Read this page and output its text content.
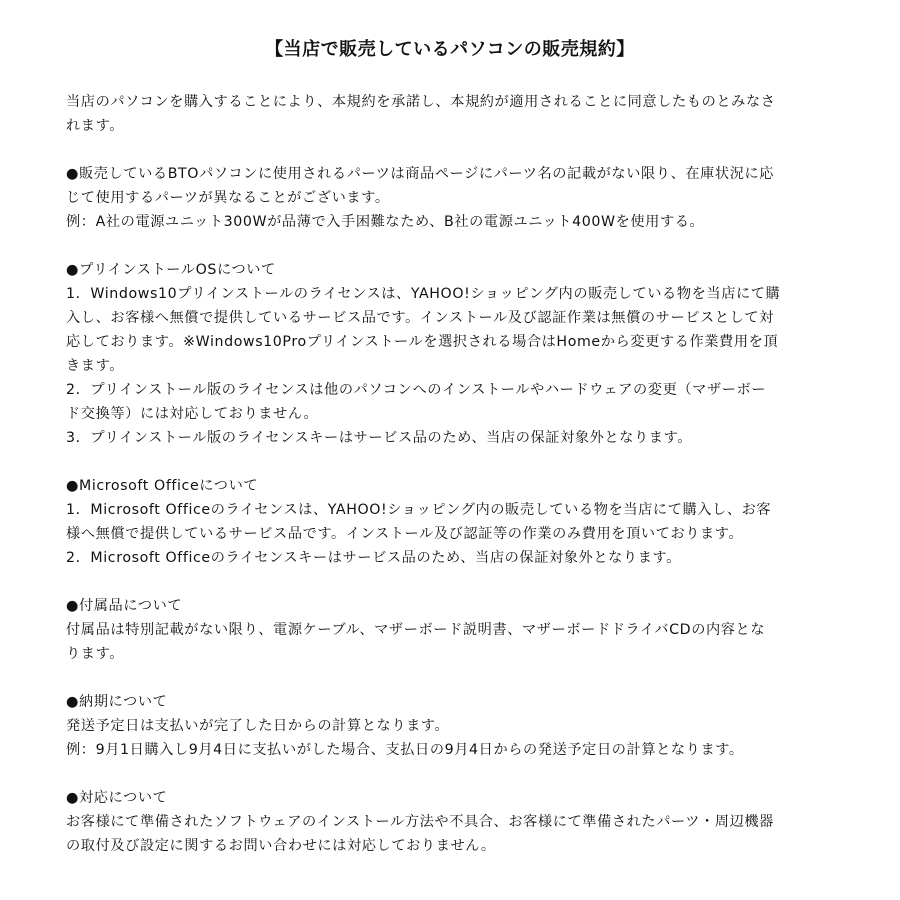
【当店で販売しているパソコンの販売規約】
当店のパソコンを購入することにより、本規約を承諾し、本規約が適用されることに同意したものとみなさ
れます。
●販売しているBTOパソコンに使用されるパーツは商品ページにパーツ名の記載がない限り、在庫状況に応
じて使用するパーツが異なることがございます。
例：A社の電源ユニット300Wが品薄で入手困難なため、B社の電源ユニット400Wを使用する。
●プリインストールOSについて
1．Windows10プリインストールのライセンスは、YAHOO!ショッピング内の販売している物を当店にて購
入し、お客様へ無償で提供しているサービス品です。インストール及び認証作業は無償のサービスとして対
応しております。※Windows10Proプリインストールを選択される場合はHomeから変更する作業費用を頂
きます。
2．プリインストール版のライセンスは他のパソコンへのインストールやハードウェアの変更（マザーボー
ド交換等）には対応しておりません。
3．プリインストール版のライセンスキーはサービス品のため、当店の保証対象外となります。
●Microsoft Officeについて
1．Microsoft Officeのライセンスは、YAHOO!ショッピング内の販売している物を当店にて購入し、お客
様へ無償で提供しているサービス品です。インストール及び認証等の作業のみ費用を頂いております。
2．Microsoft Officeのライセンスキーはサービス品のため、当店の保証対象外となります。
●付属品について
付属品は特別記載がない限り、電源ケーブル、マザーボード説明書、マザーボードドライバCDの内容とな
ります。
●納期について
発送予定日は支払いが完了した日からの計算となります。
例：9月1日購入し9月4日に支払いがした場合、支払日の9月4日からの発送予定日の計算となります。
●対応について
お客様にて準備されたソフトウェアのインストール方法や不具合、お客様にて準備されたパーツ・周辺機器
の取付及び設定に関するお問い合わせには対応しておりません。
